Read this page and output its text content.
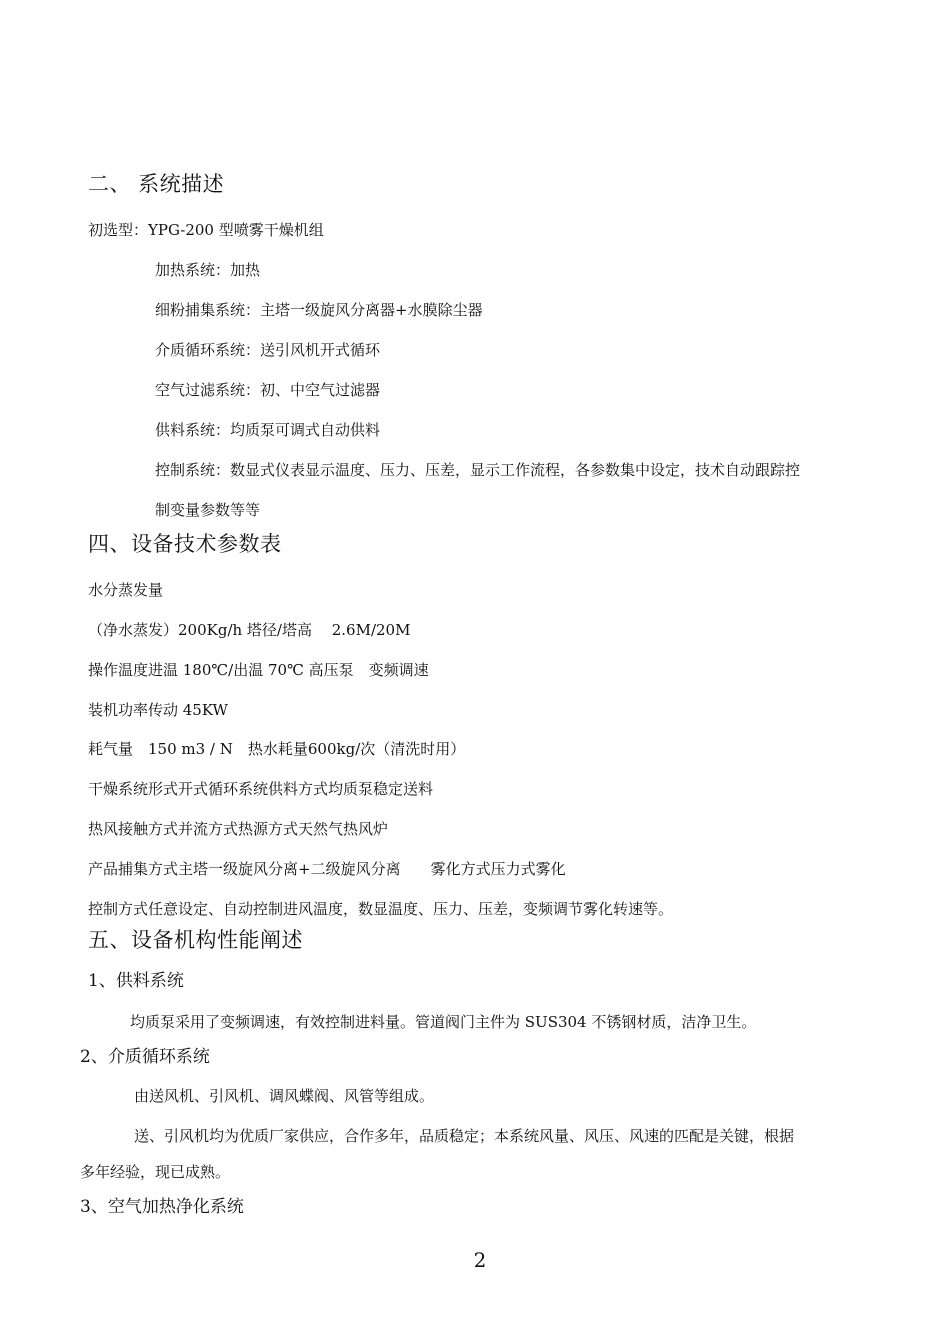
二、 系统描述
初选型：YPG-200 型喷雾干燥机组
加热系统：加热
细粉捕集系统：主塔一级旋风分离器+水膜除尘器
介质循环系统：送引风机开式循环
空气过滤系统：初、中空气过滤器
供料系统：均质泵可调式自动供料
控制系统：数显式仪表显示温度、压力、压差，显示工作流程，各参数集中设定，技术自动跟踪控
制变量参数等等
四、设备技术参数表
水分蒸发量
（净水蒸发）200Kg/h 塔径/塔高　 2.6M/20M
操作温度进温 180℃/出温 70℃ 高压泵　变频调速
装机功率传动 45KW
耗气量　150 m3 / N　热水耗量600kg/次（清洗时用）
干燥系统形式开式循环系统供料方式均质泵稳定送料
热风接触方式并流方式热源方式天然气热风炉
产品捕集方式主塔一级旋风分离+二级旋风分离　　雾化方式压力式雾化
控制方式任意设定、自动控制进风温度，数显温度、压力、压差，变频调节雾化转速等。
五、设备机构性能阐述
1、供料系统
均质泵采用了变频调速，有效控制进料量。管道阀门主件为 SUS304 不锈钢材质，洁净卫生。
2、介质循环系统
由送风机、引风机、调风蝶阀、风管等组成。
送、引风机均为优质厂家供应，合作多年，品质稳定；本系统风量、风压、风速的匹配是关键，根据
多年经验，现已成熟。
3、空气加热净化系统
2
